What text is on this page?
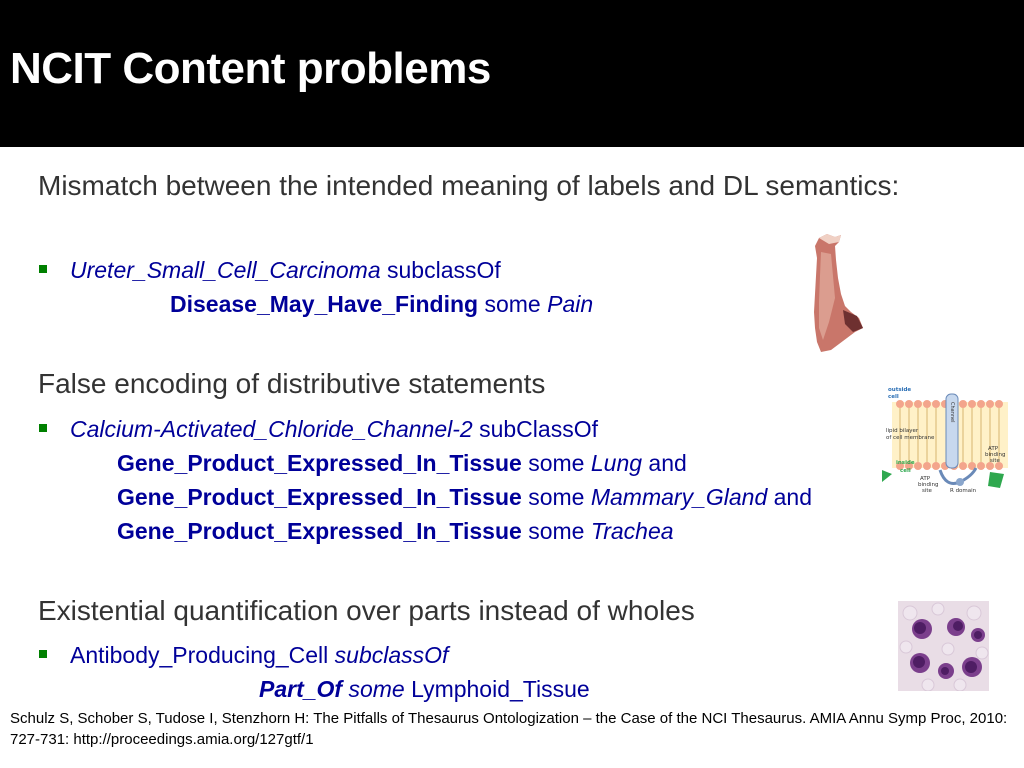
NCIT Content problems

Mismatch between the intended meaning of labels and DL semantics:

Ureter_Small_Cell_Carcinoma subclassOf

Disease_May_Have_Finding some Pain

False encoding of distributive statements

Calcium-Activated_Chloride_Channel-2 subClassOf

Gene_Product_Expressed_In_Tissue some Lung and

Gene_Product_Expressed_In_Tissue some Mammary_Gland and

Gene_Product_Expressed_In_Tissue some Trachea

Existential quantification over parts instead of wholes

Antibody_Producing_Cell subclassOf

Part_Of some Lymphoid_Tissue

outside
cell
lipid bilayer
of cell membrane
inside
cell
ATP
binding
site
ATP
binding
site
R domain
Channel

Schulz S, Schober S, Tudose I, Stenzhorn H: The Pitfalls of Thesaurus Ontologization – the Case of the NCI Thesaurus. AMIA Annu Symp Proc, 2010: 727-731: http://proceedings.amia.org/127gtf/1
